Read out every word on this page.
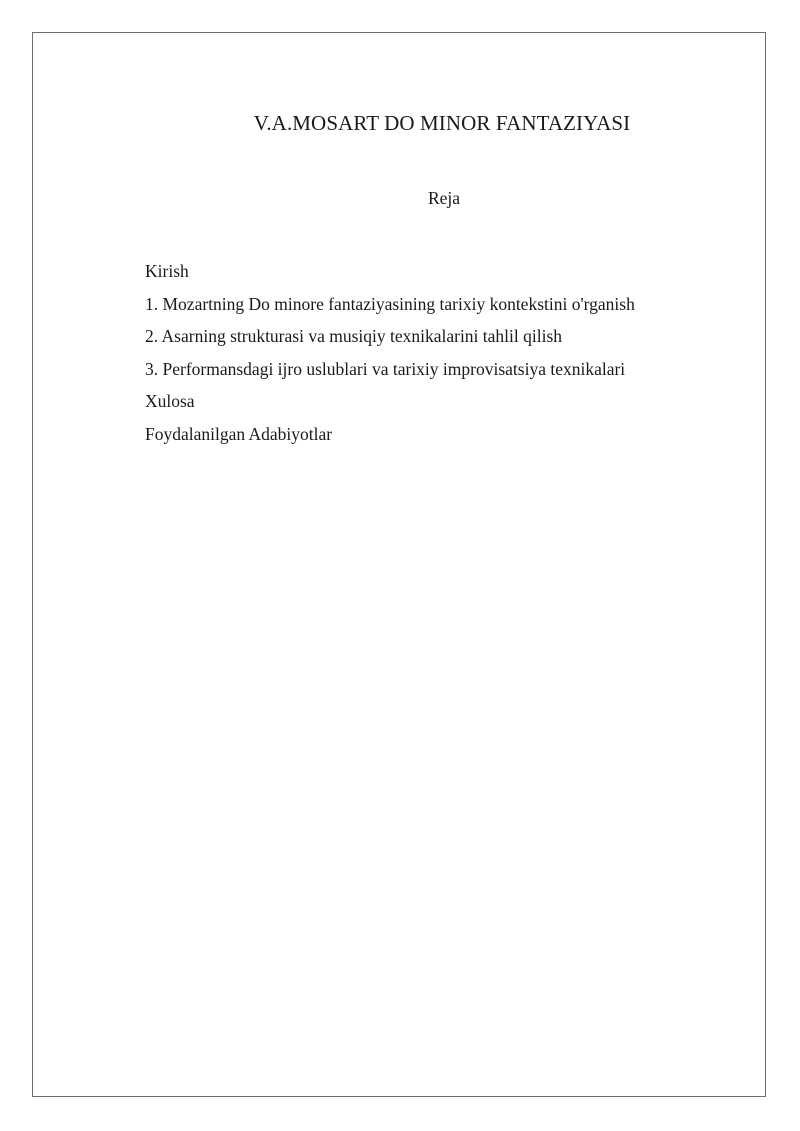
V.A.MOSART DO MINOR FANTAZIYASI
Reja
Kirish
1. Mozartning Do minore fantaziyasining tarixiy kontekstini o'rganish
2. Asarning strukturasi va musiqiy texnikalarini tahlil qilish
3. Performansdagi ijro uslublari va tarixiy improvisatsiya texnikalari
Xulosa
Foydalanilgan Adabiyotlar
